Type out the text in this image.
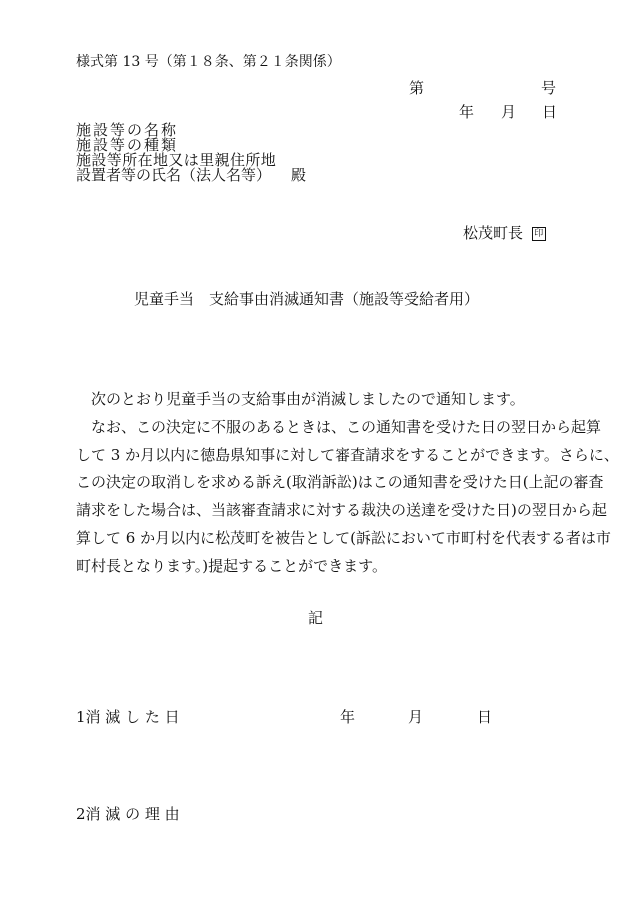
様式第 13 号（第１８条、第２１条関係）
第	号
年 月 日
施設等の名称
施設等の種類
施設等所在地又は里親住所地
設置者等の氏名（法人名等） 殿
松茂町長 印
児童手当　支給事由消滅通知書（施設等受給者用）

次のとおり児童手当の支給事由が消滅しましたので通知します。

なお、この決定に不服のあるときは、この通知書を受けた日の翌日から起算

して 3 か月以内に徳島県知事に対して審査請求をすることができます。さらに、

この決定の取消しを求める訴え(取消訴訟)はこの通知書を受けた日(上記の審査

請求をした場合は、当該審査請求に対する裁決の送達を受けた日)の翌日から起

算して 6 か月以内に松茂町を被告として(訴訟において市町村を代表する者は市

町村長となります。)提起することができます。

記
1消 滅 し た 日	年	月	日
2消 滅 の 理 由
